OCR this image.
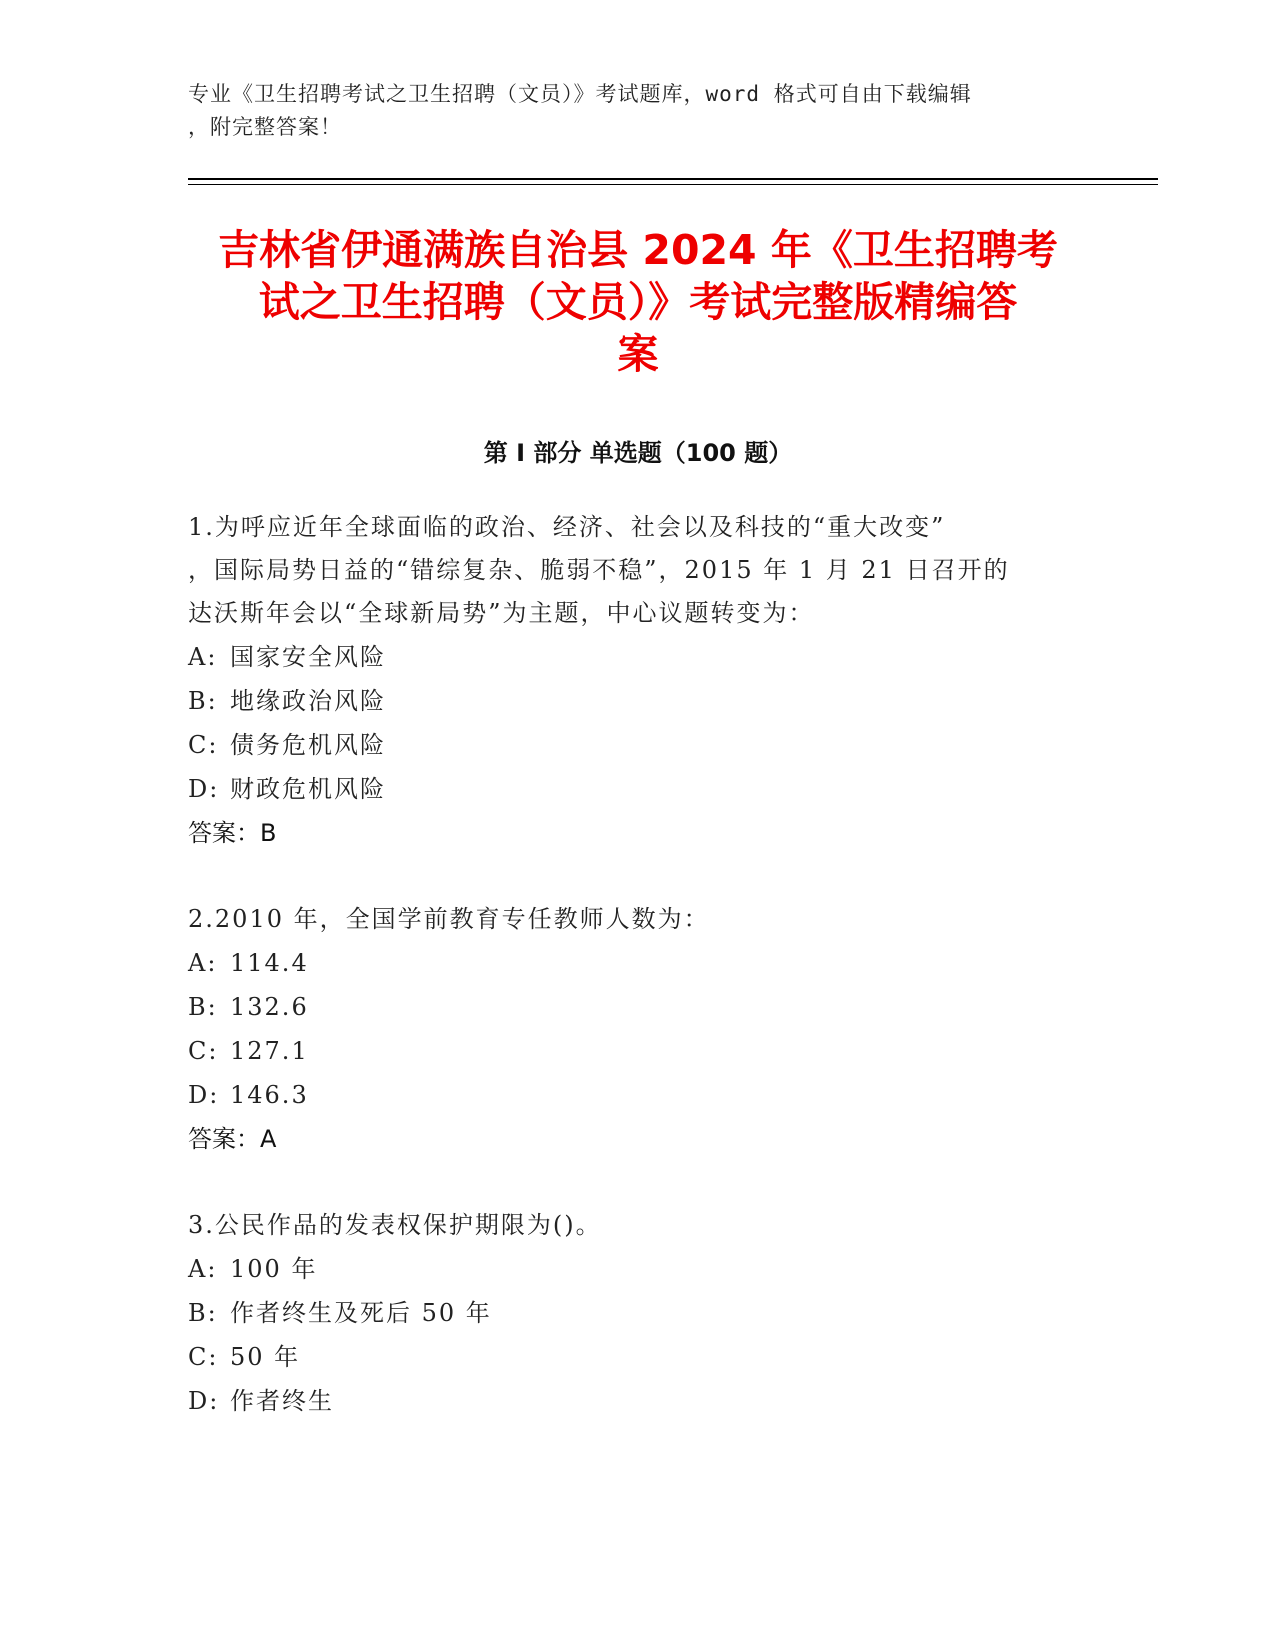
专业《卫生招聘考试之卫生招聘（文员）》考试题库，word 格式可自由下载编辑
，附完整答案！
吉林省伊通满族自治县 2024 年《卫生招聘考
试之卫生招聘（文员）》考试完整版精编答
案
第 I 部分 单选题（100 题）
1.为呼应近年全球面临的政治、经济、社会以及科技的“重大改变”
，国际局势日益的“错综复杂、脆弱不稳”，2015 年 1 月 21 日召开的
达沃斯年会以“全球新局势”为主题，中心议题转变为：
A: 国家安全风险
B: 地缘政治风险
C: 债务危机风险
D: 财政危机风险
答案：B
2.2010 年，全国学前教育专任教师人数为：
A: 114.4
B: 132.6
C: 127.1
D: 146.3
答案：A
3.公民作品的发表权保护期限为()。
A: 100 年
B: 作者终生及死后 50 年
C: 50 年
D: 作者终生
